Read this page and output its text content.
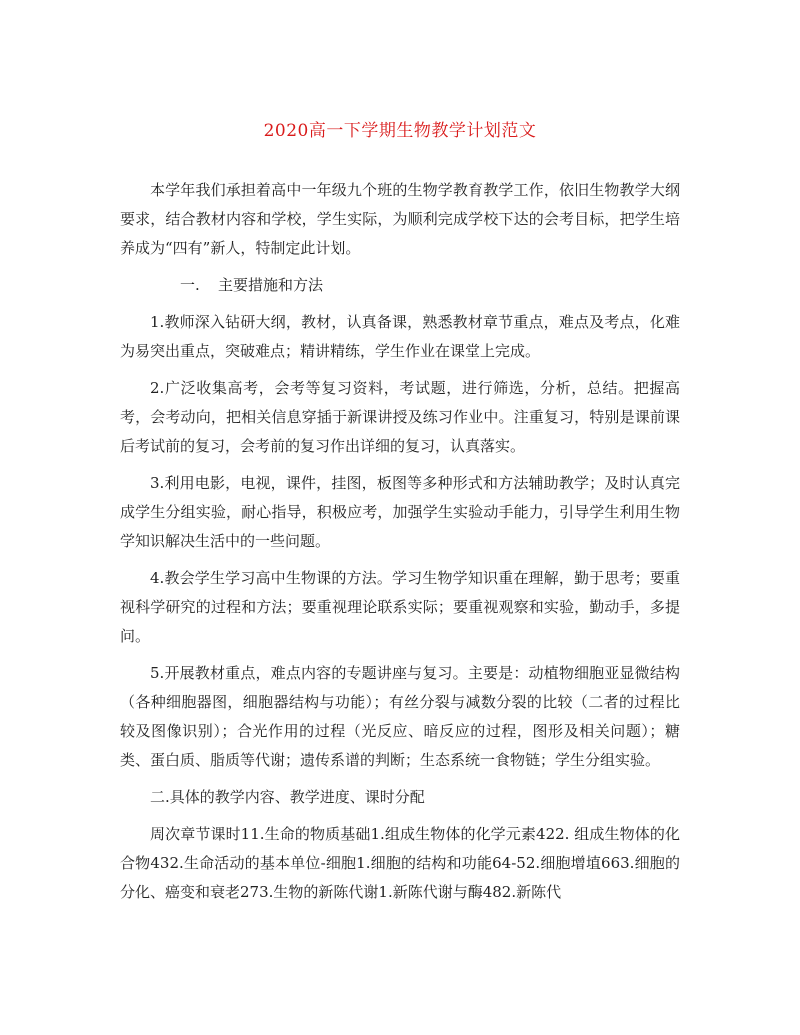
2020高一下学期生物教学计划范文

本学年我们承担着高中一年级九个班的生物学教育教学工作，依旧生物教学大纲要求，结合教材内容和学校，学生实际，为顺利完成学校下达的会考目标，把学生培养成为“四有”新人，特制定此计划。

一. 主要措施和方法

1.教师深入钻研大纲，教材，认真备课，熟悉教材章节重点，难点及考点，化难为易突出重点，突破难点；精讲精练，学生作业在课堂上完成。

2.广泛收集高考，会考等复习资料，考试题，进行筛选，分析，总结。把握高考，会考动向，把相关信息穿插于新课讲授及练习作业中。注重复习，特别是课前课后考试前的复习，会考前的复习作出详细的复习，认真落实。

3.利用电影，电视，课件，挂图，板图等多种形式和方法辅助教学；及时认真完成学生分组实验，耐心指导，积极应考，加强学生实验动手能力，引导学生利用生物学知识解决生活中的一些问题。

4.教会学生学习高中生物课的方法。学习生物学知识重在理解，勤于思考；要重视科学研究的过程和方法；要重视理论联系实际；要重视观察和实验，勤动手，多提问。

5.开展教材重点，难点内容的专题讲座与复习。主要是：动植物细胞亚显微结构（各种细胞器图，细胞器结构与功能）；有丝分裂与减数分裂的比较（二者的过程比较及图像识别）；合光作用的过程（光反应、暗反应的过程，图形及相关问题）；糖类、蛋白质、脂质等代谢；遗传系谱的判断；生态系统一食物链；学生分组实验。

二.具体的教学内容、教学进度、课时分配

周次章节课时11.生命的物质基础1.组成生物体的化学元素422. 组成生物体的化合物432.生命活动的基本单位-细胞1.细胞的结构和功能64-52.细胞增埴663.细胞的分化、癌变和衰老273.生物的新陈代谢1.新陈代谢与酶482.新陈代
